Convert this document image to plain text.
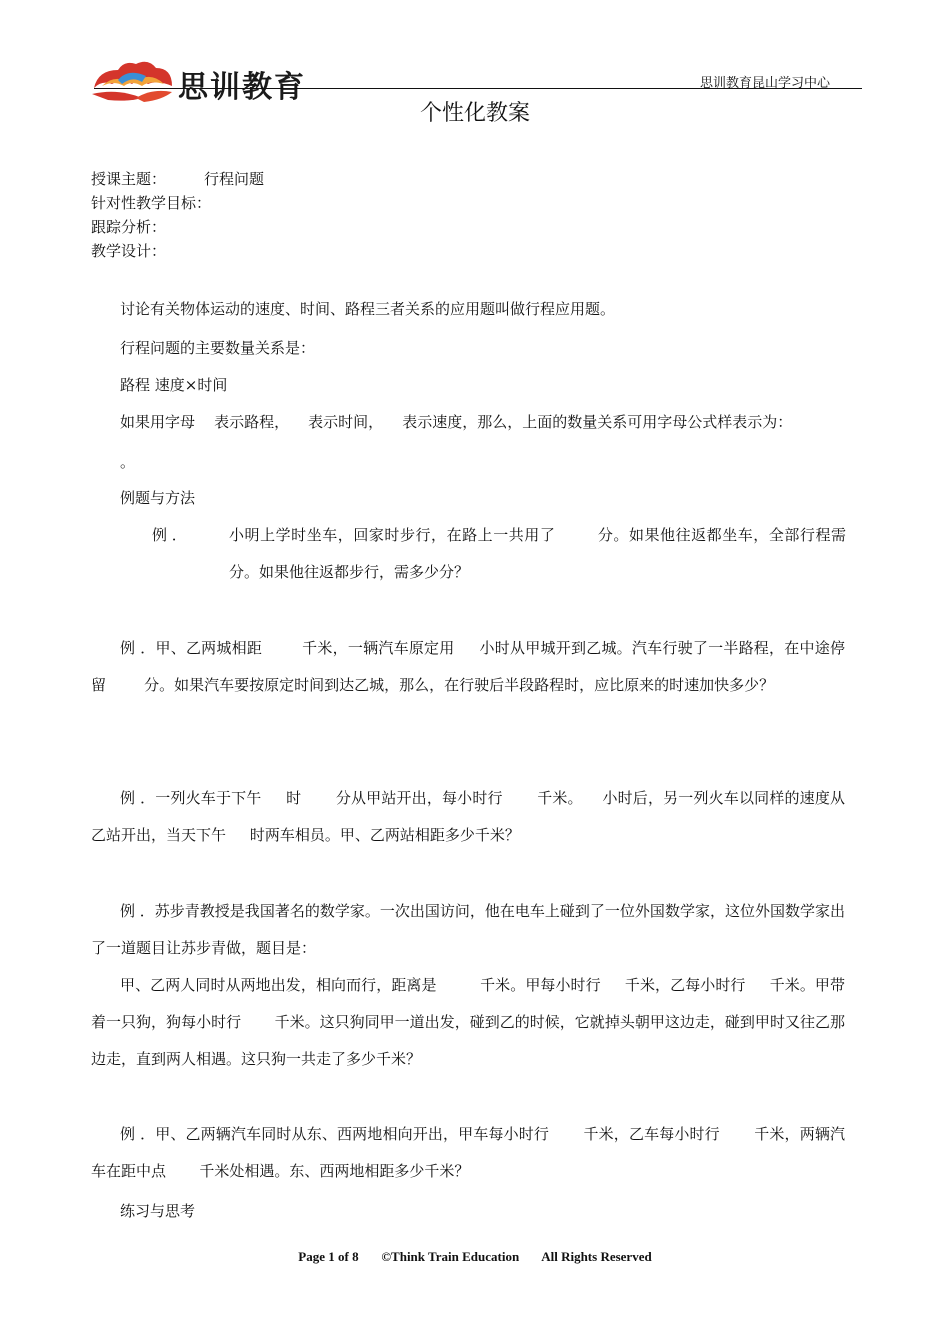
思训教育	思训教育昆山学习中心
个性化教案
授课主题：	行程问题
针对性教学目标：
跟踪分析：
教学设计：
讨论有关物体运动的速度、时间、路程三者关系的应用题叫做行程应用题。
行程问题的主要数量关系是：
路程 速度×时间
如果用字母    表示路程，    表示时间，    表示速度，那么，上面的数量关系可用字母公式样表示为：
。
例题与方法
例 ．	小明上学时坐车，回家时步行，在路上一共用了        分。如果他往返都坐车，全部行程需      分。如果他往返都步行，需多少分？
例 ．甲、乙两城相距        千米，一辆汽车原定用     小时从甲城开到乙城。汽车行驶了一半路程，在中途停留        分。如果汽车要按原定时间到达乙城，那么，在行驶后半段路程时，应比原来的时速加快多少？
例 ．一列火车于下午     时       分从甲站开出，每小时行       千米。    小时后，另一列火车以同样的速度从乙站开出，当天下午     时两车相员。甲、乙两站相距多少千米？
例 ．苏步青教授是我国著名的数学家。一次出国访问，他在电车上碰到了一位外国数学家，这位外国数学家出了一道题目让苏步青做，题目是：
甲、乙两人同时从两地出发，相向而行，距离是         千米。甲每小时行     千米，乙每小时行     千米。甲带着一只狗，狗每小时行       千米。这只狗同甲一道出发，碰到乙的时候，它就掉头朝甲这边走，碰到甲时又往乙那边走，直到两人相遇。这只狗一共走了多少千米？
例 ．甲、乙两辆汽车同时从东、西两地相向开出，甲车每小时行       千米，乙车每小时行       千米，两辆汽车在距中点       千米处相遇。东、西两地相距多少千米？
练习与思考
Page 1 of 8       ©Think Train Education       All Rights Reserved
